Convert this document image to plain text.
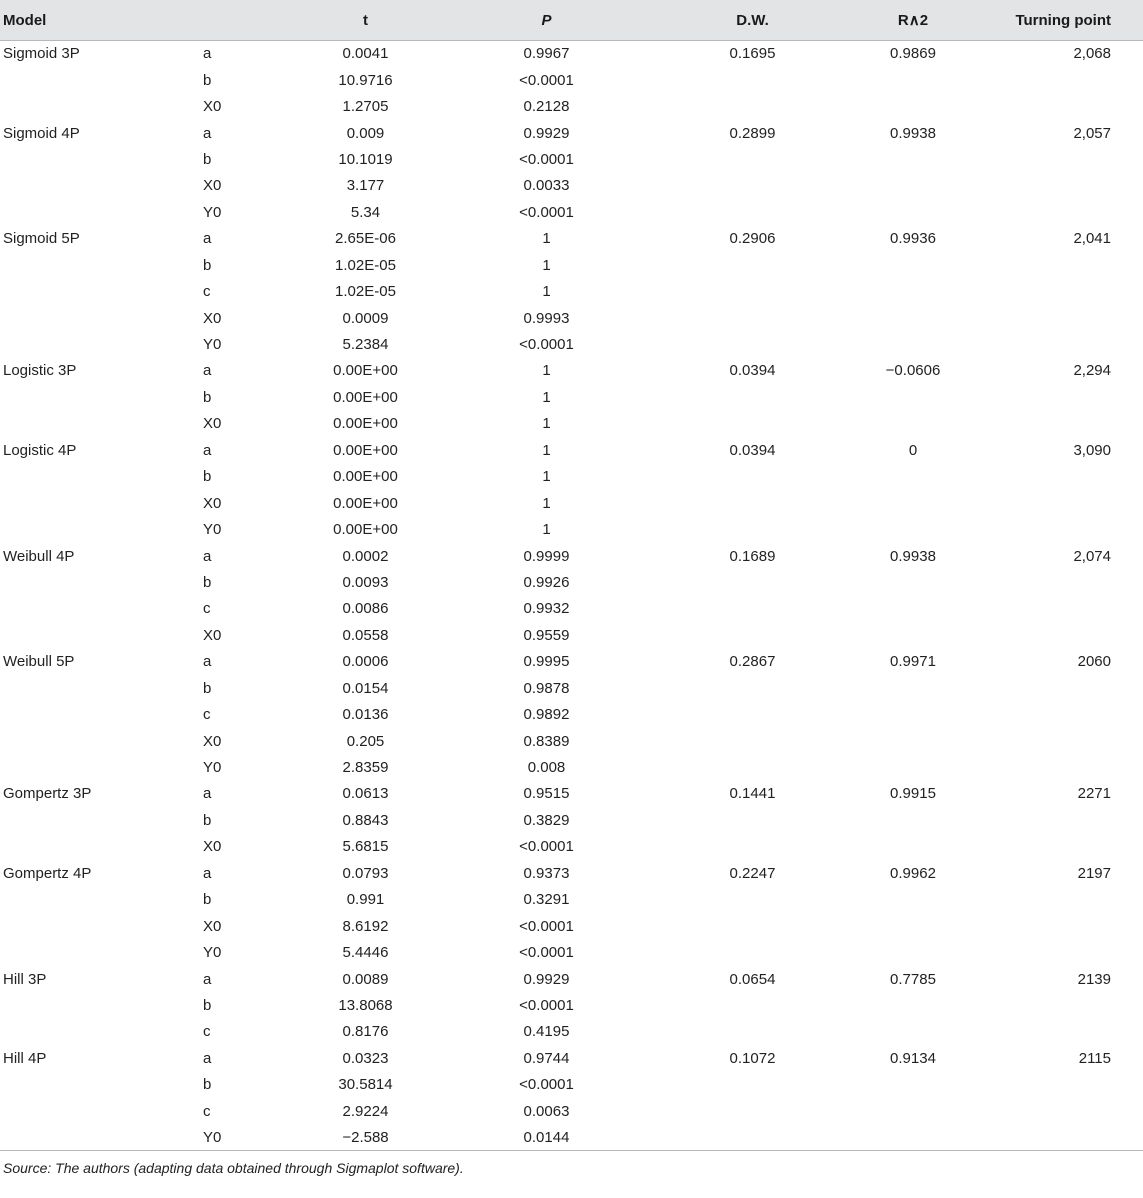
Model		t	P	D.W.	R∧2	Turning point
Sigmoid 3P	a	0.0041	0.9967	0.1695	0.9869	2,068
	b	10.9716	<0.0001			
	X0	1.2705	0.2128			
Sigmoid 4P	a	0.009	0.9929	0.2899	0.9938	2,057
	b	10.1019	<0.0001			
	X0	3.177	0.0033			
	Y0	5.34	<0.0001			
Sigmoid 5P	a	2.65E-06	1	0.2906	0.9936	2,041
	b	1.02E-05	1			
	c	1.02E-05	1			
	X0	0.0009	0.9993			
	Y0	5.2384	<0.0001			
Logistic 3P	a	0.00E+00	1	0.0394	−0.0606	2,294
	b	0.00E+00	1			
	X0	0.00E+00	1			
Logistic 4P	a	0.00E+00	1	0.0394	0	3,090
	b	0.00E+00	1			
	X0	0.00E+00	1			
	Y0	0.00E+00	1			
Weibull 4P	a	0.0002	0.9999	0.1689	0.9938	2,074
	b	0.0093	0.9926			
	c	0.0086	0.9932			
	X0	0.0558	0.9559			
Weibull 5P	a	0.0006	0.9995	0.2867	0.9971	2060
	b	0.0154	0.9878			
	c	0.0136	0.9892			
	X0	0.205	0.8389			
	Y0	2.8359	0.008			
Gompertz 3P	a	0.0613	0.9515	0.1441	0.9915	2271
	b	0.8843	0.3829			
	X0	5.6815	<0.0001			
Gompertz 4P	a	0.0793	0.9373	0.2247	0.9962	2197
	b	0.991	0.3291			
	X0	8.6192	<0.0001			
	Y0	5.4446	<0.0001			
Hill 3P	a	0.0089	0.9929	0.0654	0.7785	2139
	b	13.8068	<0.0001			
	c	0.8176	0.4195			
Hill 4P	a	0.0323	0.9744	0.1072	0.9134	2115
	b	30.5814	<0.0001			
	c	2.9224	0.0063			
	Y0	−2.588	0.0144			
Source: The authors (adapting data obtained through Sigmaplot software).
